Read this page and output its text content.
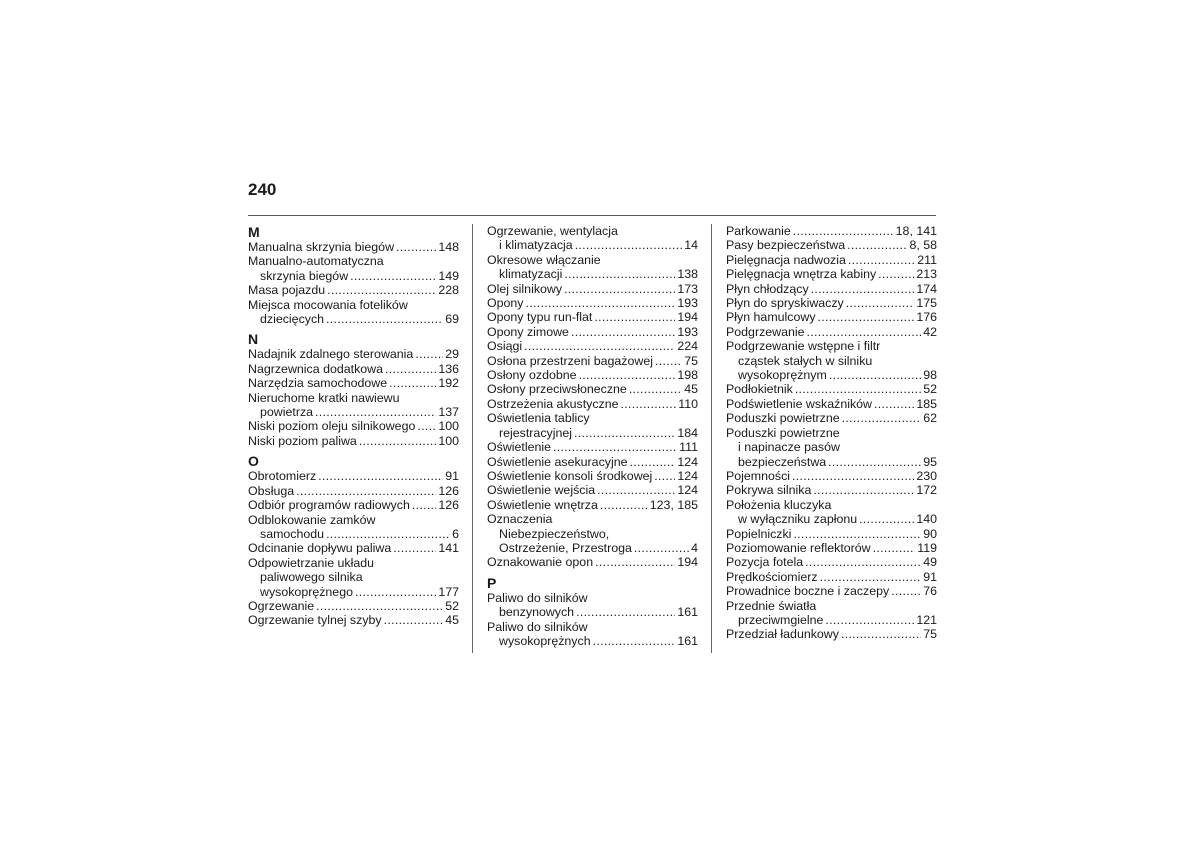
240
M
Manualna skrzynia biegów .....	148
Manualno-automatyczna
skrzynia biegów .....	149
Masa pojazdu .....	228
Miejsca mocowania fotelików
dziecięcych .....	69
N
Nadajnik zdalnego sterowania .....	29
Nagrzewnica dodatkowa .....	136
Narzędzia samochodowe .....	192
Nieruchome kratki nawiewu
powietrza .....	137
Niski poziom oleju silnikowego ..... 100
Niski poziom paliwa .....	100
O
Obrotomierz .....	91
Obsługa .....	126
Odbiór programów radiowych ..... 126
Odblokowanie zamków
samochodu .....	6
Odcinanie dopływu paliwa .....	141
Odpowietrzanie układu
paliwowego silnika
wysokoprężnego .....	177
Ogrzewanie .....	52
Ogrzewanie tylnej szyby .....	45
Ogrzewanie, wentylacja
i klimatyzacja .....	14
Okresowe włączanie
klimatyzacji .....	138
Olej silnikowy .....	173
Opony .....	193
Opony typu run-flat .....	194
Opony zimowe .....	193
Osiągi .....	224
Osłona przestrzeni bagażowej .....	75
Osłony ozdobne .....	198
Osłony przeciwsłoneczne .....	45
Ostrzeżenia akustyczne .....	110
Oświetlenia tablicy
rejestracyjnej .....	184
Oświetlenie .....	111
Oświetlenie asekuracyjne .....	124
Oświetlenie konsoli środkowej ..... 124
Oświetlenie wejścia .....	124
Oświetlenie wnętrza .....	123, 185
Oznaczenia
Niebezpieczeństwo,
Ostrzeżenie, Przestroga .....	4
Oznakowanie opon .....	194
P
Paliwo do silników
benzynowych .....	161
Paliwo do silników
wysokoprężnych .....	161
Parkowanie .....	18, 141
Pasy bezpieczeństwa .....	8, 58
Pielęgnacja nadwozia .....	211
Pielęgnacja wnętrza kabiny .....	213
Płyn chłodzący .....	174
Płyn do spryskiwaczy .....	175
Płyn hamulcowy .....	176
Podgrzewanie .....	42
Podgrzewanie wstępne i filtr
cząstek stałych w silniku
wysokoprężnym .....	98
Podłokietnik .....	52
Podświetlenie wskaźników .....	185
Poduszki powietrzne .....	62
Poduszki powietrzne
i napinacze pasów
bezpieczeństwa .....	95
Pojemności .....	230
Pokrywa silnika .....	172
Położenia kluczyka
w wyłączniku zapłonu .....	140
Popielniczki .....	90
Poziomowanie reflektorów .....	119
Pozycja fotela .....	49
Prędkościomierz .....	91
Prowadnice boczne i zaczepy .....	76
Przednie światła
przeciwmgielne .....	121
Przedział ładunkowy .....	75
